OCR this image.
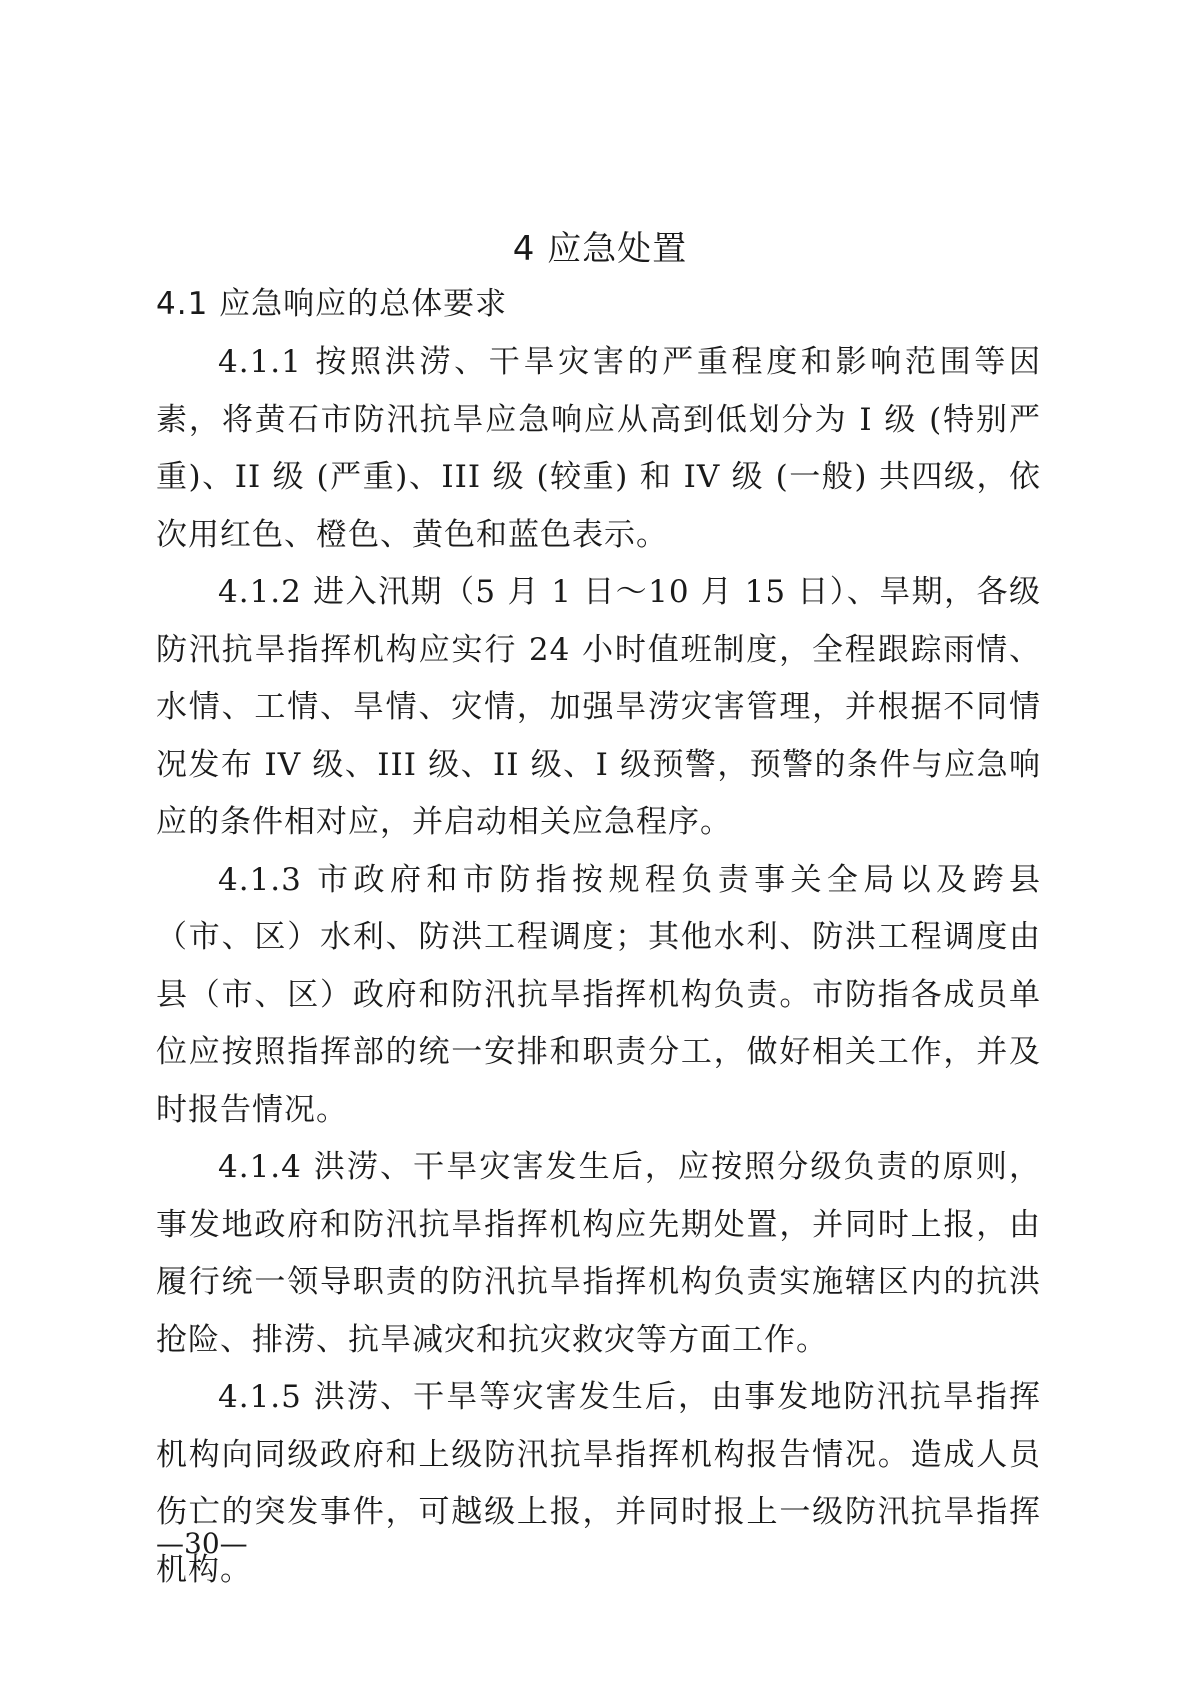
4 应急处置
4.1 应急响应的总体要求

4.1.1 按照洪涝、干旱灾害的严重程度和影响范围等因素，将黄石市防汛抗旱应急响应从高到低划分为 I 级 (特别严重)、II 级 (严重)、III 级 (较重) 和 IV 级 (一般) 共四级，依次用红色、橙色、黄色和蓝色表示。

4.1.2 进入汛期（5 月 1 日～10 月 15 日）、旱期，各级防汛抗旱指挥机构应实行 24 小时值班制度，全程跟踪雨情、水情、工情、旱情、灾情，加强旱涝灾害管理，并根据不同情况发布 IV 级、III 级、II 级、I 级预警，预警的条件与应急响应的条件相对应，并启动相关应急程序。

4.1.3 市政府和市防指按规程负责事关全局以及跨县（市、区）水利、防洪工程调度；其他水利、防洪工程调度由县（市、区）政府和防汛抗旱指挥机构负责。市防指各成员单位应按照指挥部的统一安排和职责分工，做好相关工作，并及时报告情况。

4.1.4 洪涝、干旱灾害发生后，应按照分级负责的原则，事发地政府和防汛抗旱指挥机构应先期处置，并同时上报，由履行统一领导职责的防汛抗旱指挥机构负责实施辖区内的抗洪抢险、排涝、抗旱减灾和抗灾救灾等方面工作。

4.1.5 洪涝、干旱等灾害发生后，由事发地防汛抗旱指挥机构向同级政府和上级防汛抗旱指挥机构报告情况。造成人员伤亡的突发事件，可越级上报，并同时报上一级防汛抗旱指挥机构。

—30—
